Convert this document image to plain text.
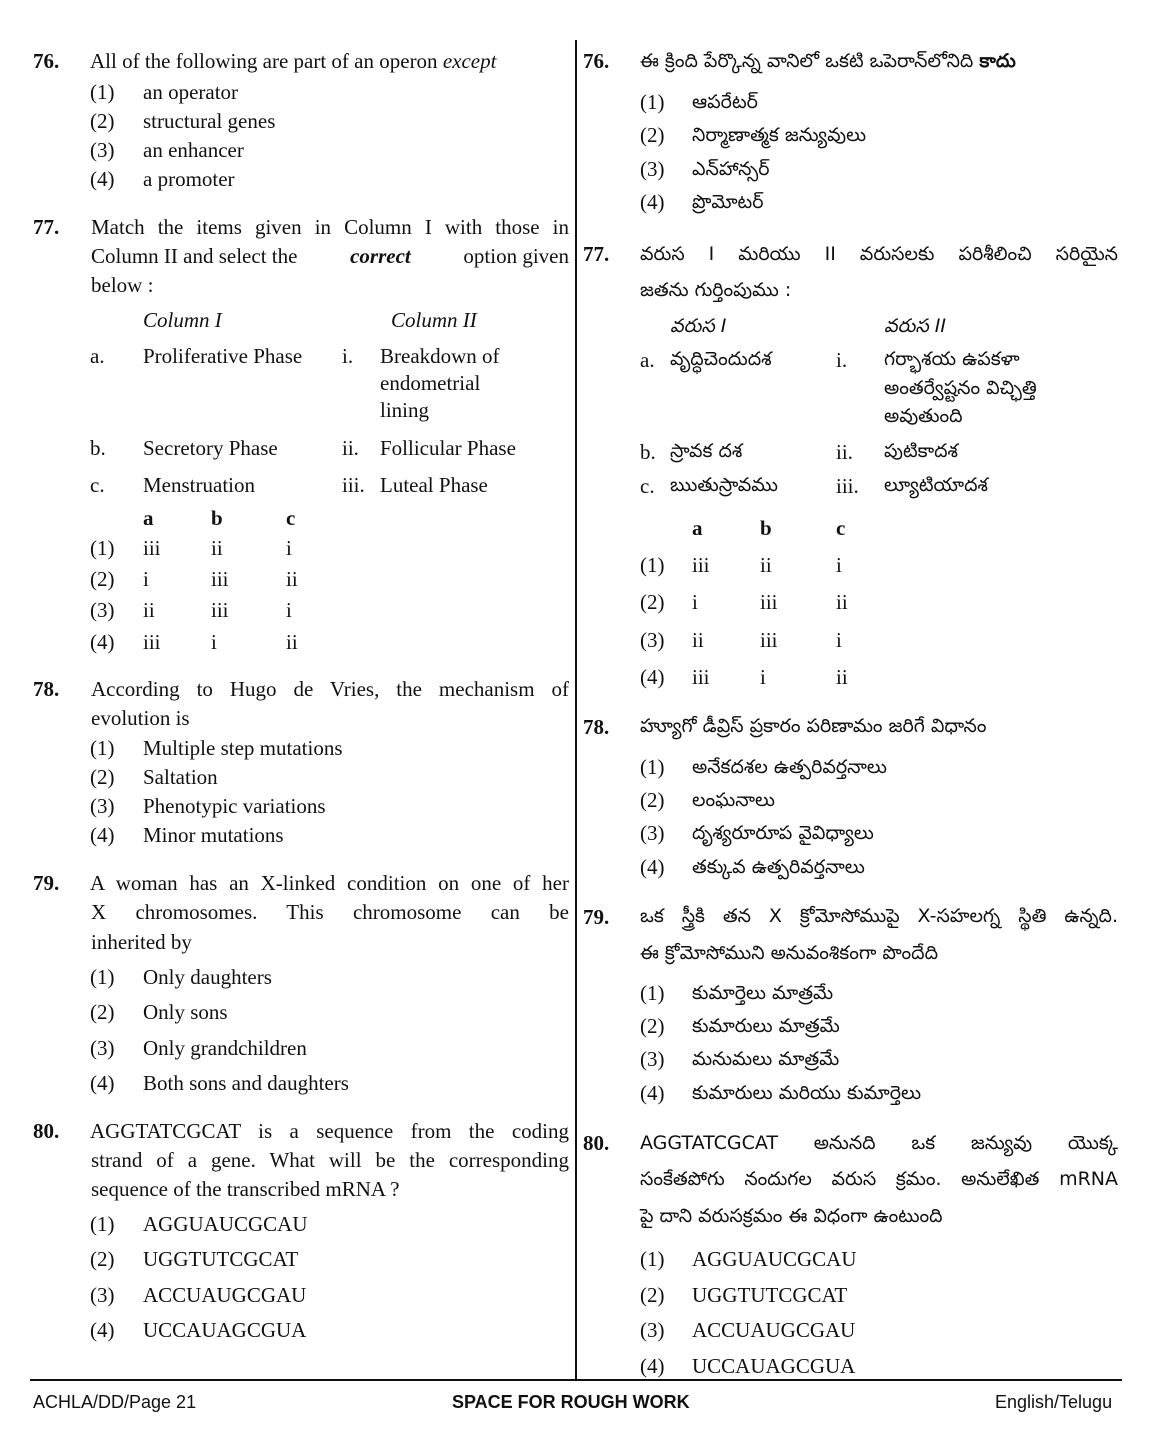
76. All of the following are part of an operon except
(1) an operator
(2) structural genes
(3) an enhancer
(4) a promoter
77. Match the items given in Column I with those in
Column II and select the	correct	option given
below :
Column I	Column II
a. Proliferative Phase i. Breakdown of
endometrial
lining
b. Secretory Phase	ii. Follicular Phase
c. Menstruation	iii. Luteal Phase
a	b	c
(1) iii ii	i
(2) i	iii	ii
(3) ii	iii	i
(4) iii i	ii
78. According to Hugo de Vries, the mechanism of
evolution is
(1) Multiple step mutations
(2) Saltation
(3) Phenotypic variations
(4) Minor mutations
79. A woman has an X-linked condition on one of her
X chromosomes. This chromosome can be
inherited by
(1) Only daughters
(2) Only sons
(3) Only grandchildren
(4) Both sons and daughters
80. AGGTATCGCAT is a sequence from the coding
strand of a gene. What will be the corresponding
sequence of the transcribed mRNA ?
(1) AGGUAUCGCAU
(2) UGGTUTCGCAT
(3) ACCUAUGCGAU
(4) UCCAUAGCGUA
76. ఈ క్రింది పేర్కొన్న వానిలో ఒకటి ఒపెరాన్‌లోనిది కాదు
(1) ఆపరేటర్
(2) నిర్మాణాత్మక జన్యువులు
(3) ఎన్‌హాన్సర్
(4) ప్రొమోటర్
77. వరుస I మరియు II వరుసలకు పరిశీలించి సరియైన
జతను గుర్తింపుము :
వరుస I	వరుస II
a. వృద్ధిచెందుదశ	i. గర్భాశయ ఉపకళా
అంతర్వేష్టనం విచ్ఛిత్తి
అవుతుంది
b. స్రావక దశ	ii. పుటికాదశ
c. ఋతుస్రావము	iii. ల్యూటియాదశ
a	b	c
(1) iii ii	i
(2) i	iii	ii
(3) ii	iii	i
(4) iii i	ii
78. హ్యూగో డీవ్రిస్ ప్రకారం పరిణామం జరిగే విధానం
(1) అనేకదశల ఉత్పరివర్తనాలు
(2) లంఘనాలు
(3) దృశ్యరూరూప వైవిధ్యాలు
(4) తక్కువ ఉత్పరివర్తనాలు
79. ఒక స్త్రీకి తన X క్రోమోసోముపై X-సహలగ్న స్థితి ఉన్నది.
ఈ క్రోమోసోముని అనువంశికంగా పొందేది
(1) కుమార్తెలు మాత్రమే
(2) కుమారులు మాత్రమే
(3) మనుమలు మాత్రమే
(4) కుమారులు మరియు కుమార్తెలు
80. AGGTATCGCAT అనునది ఒక జన్యువు యొక్క
సంకేతపోగు నందుగల వరుస క్రమం. అనులేఖిత mRNA
పై దాని వరుసక్రమం ఈ విధంగా ఉంటుంది
(1) AGGUAUCGCAU
(2) UGGTUTCGCAT
(3) ACCUAUGCGAU
(4) UCCAUAGCGUA
ACHLA/DD/Page 21	SPACE FOR ROUGH WORK	English/Telugu
